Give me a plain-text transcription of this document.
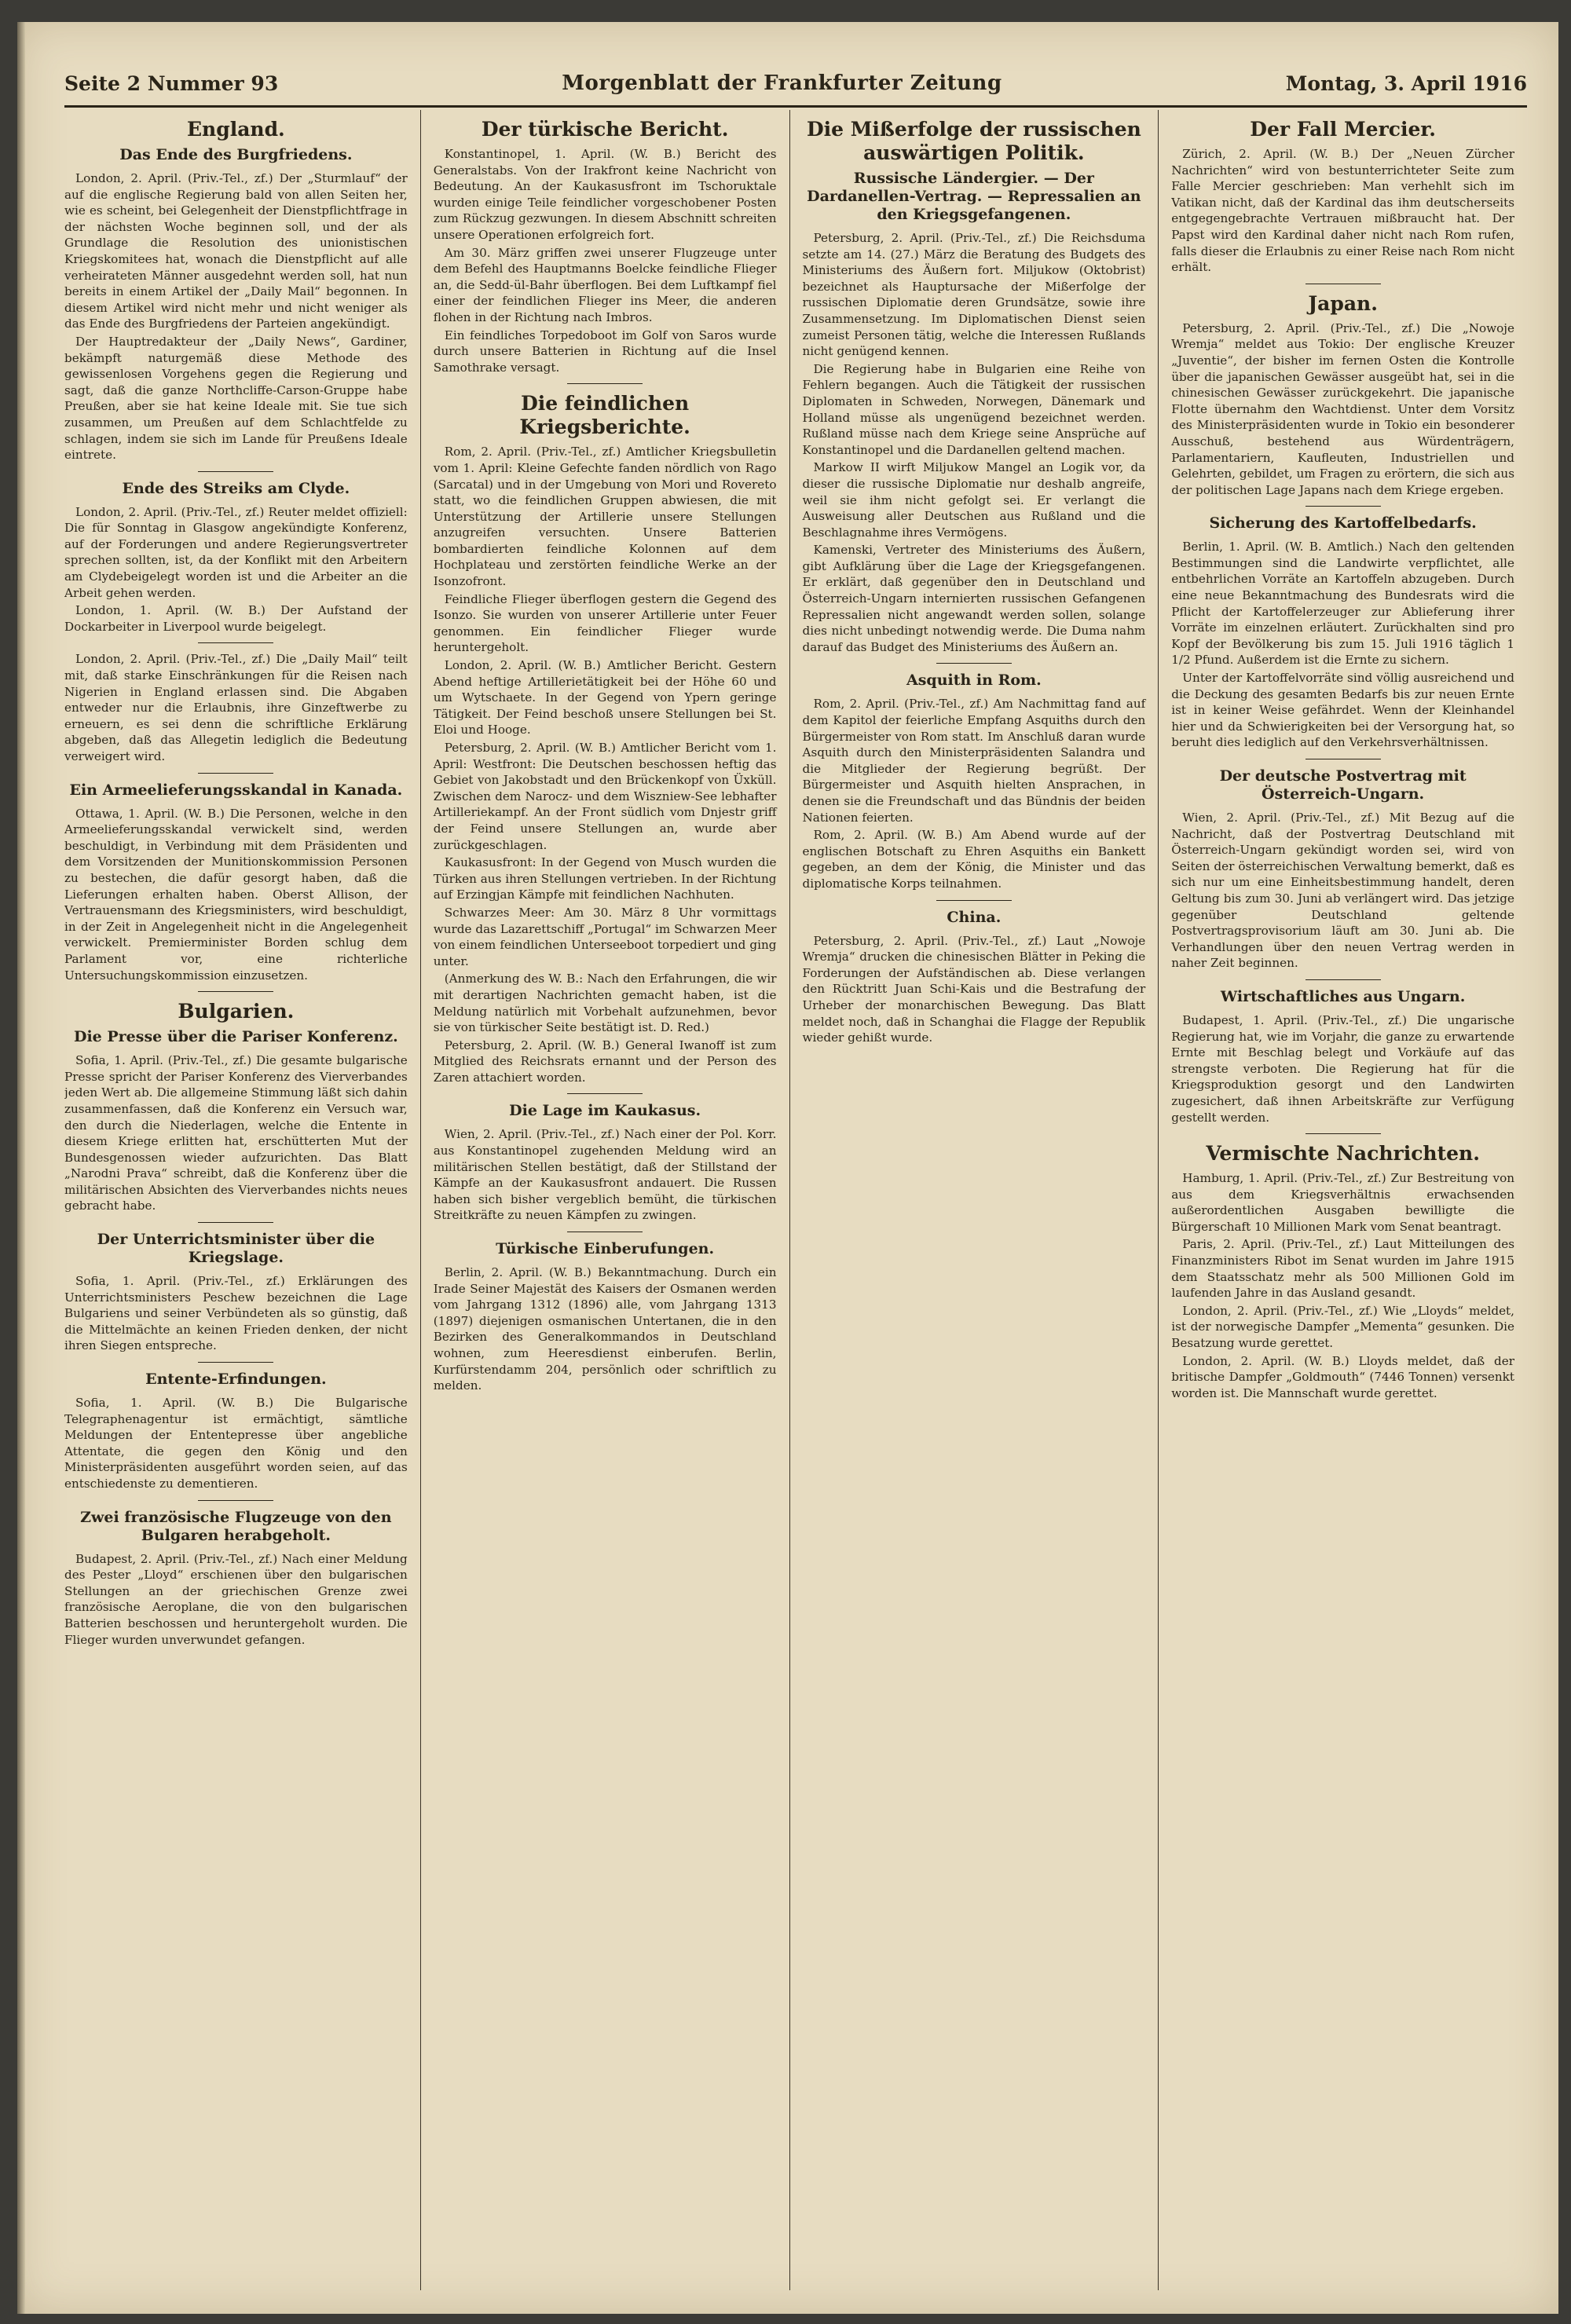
Seite 2 Nummer 93	Morgenblatt der Frankfurter Zeitung	Montag, 3. April 1916
England.
Das Ende des Burgfriedens.

London, 2. April. (Priv.-Tel., zf.) Der „Sturmlauf“ der auf die englische Regierung bald von allen Seiten her, wie es scheint, bei Gelegenheit der Dienstpflichtfrage in der nächsten Woche beginnen soll, und der als Grundlage die Resolution des unionistischen Kriegskomitees hat, wonach die Dienstpflicht auf alle verheirateten Männer ausgedehnt werden soll, hat nun bereits in einem Artikel der „Daily Mail“ begonnen. In diesem Artikel wird nicht mehr und nicht weniger als das Ende des Burgfriedens der Parteien angekündigt.

Der Hauptredakteur der „Daily News“, Gardiner, bekämpft naturgemäß diese Methode des gewissenlosen Vorgehens gegen die Regierung und sagt, daß die ganze Northcliffe-Carson-Gruppe habe Preußen, aber sie hat keine Ideale mit. Sie tue sich zusammen, um Preußen auf dem Schlachtfelde zu schlagen, indem sie sich im Lande für Preußens Ideale eintrete.

Ende des Streiks am Clyde.

London, 2. April. (Priv.-Tel., zf.) Reuter meldet offiziell: Die für Sonntag in Glasgow angekündigte Konferenz, auf der Forderungen und andere Regierungsvertreter sprechen sollten, ist, da der Konflikt mit den Arbeitern am Clydebeigelegt worden ist und die Arbeiter an die Arbeit gehen werden.

London, 1. April. (W. B.) Der Aufstand der Dockarbeiter in Liverpool wurde beigelegt.

London, 2. April. (Priv.-Tel., zf.) Die „Daily Mail“ teilt mit, daß starke Einschränkungen für die Reisen nach Nigerien in England erlassen sind. Die Abgaben entweder nur die Erlaubnis, ihre Ginzeftwerbe zu erneuern, es sei denn die schriftliche Erklärung abgeben, daß das Allegetin lediglich die Bedeutung verweigert wird.

Ein Armeelieferungsskandal in Kanada.

Ottawa, 1. April. (W. B.) Die Personen, welche in den Armeelieferungsskandal verwickelt sind, werden beschuldigt, in Verbindung mit dem Präsidenten und dem Vorsitzenden der Munitionskommission Personen zu bestechen, die dafür gesorgt haben, daß die Lieferungen erhalten haben. Oberst Allison, der Vertrauensmann des Kriegsministers, wird beschuldigt, in der Zeit in Angelegenheit nicht in die Angelegenheit verwickelt. Premierminister Borden schlug dem Parlament vor, eine richterliche Untersuchungskommission einzusetzen.

Bulgarien.
Die Presse über die Pariser Konferenz.

Sofia, 1. April. (Priv.-Tel., zf.) Die gesamte bulgarische Presse spricht der Pariser Konferenz des Vierverbandes jeden Wert ab. Die allgemeine Stimmung läßt sich dahin zusammenfassen, daß die Konferenz ein Versuch war, den durch die Niederlagen, welche die Entente in diesem Kriege erlitten hat, erschütterten Mut der Bundesgenossen wieder aufzurichten. Das Blatt „Narodni Prava“ schreibt, daß die Konferenz über die militärischen Absichten des Vierverbandes nichts neues gebracht habe.

Der Unterrichtsminister über die Kriegslage.

Sofia, 1. April. (Priv.-Tel., zf.) Erklärungen des Unterrichtsministers Peschew bezeichnen die Lage Bulgariens und seiner Verbündeten als so günstig, daß die Mittelmächte an keinen Frieden denken, der nicht ihren Siegen entspreche.

Entente-Erfindungen.

Sofia, 1. April. (W. B.) Die Bulgarische Telegraphenagentur ist ermächtigt, sämtliche Meldungen der Ententepresse über angebliche Attentate, die gegen den König und den Ministerpräsidenten ausgeführt worden seien, auf das entschiedenste zu dementieren.

Zwei französische Flugzeuge von den Bulgaren herabgeholt.

Budapest, 2. April. (Priv.-Tel., zf.) Nach einer Meldung des Pester „Lloyd“ erschienen über den bulgarischen Stellungen an der griechischen Grenze zwei französische Aeroplane, die von den bulgarischen Batterien beschossen und heruntergeholt wurden. Die Flieger wurden unverwundet gefangen.

Der türkische Bericht.

Konstantinopel, 1. April. (W. B.) Bericht des Generalstabs. Von der Irakfront keine Nachricht von Bedeutung. An der Kaukasusfront im Tschoruktale wurden einige Teile feindlicher vorgeschobener Posten zum Rückzug gezwungen. In diesem Abschnitt schreiten unsere Operationen erfolgreich fort.

Am 30. März griffen zwei unserer Flugzeuge unter dem Befehl des Hauptmanns Boelcke feindliche Flieger an, die Sedd-ül-Bahr überflogen. Bei dem Luftkampf fiel einer der feindlichen Flieger ins Meer, die anderen flohen in der Richtung nach Imbros.

Ein feindliches Torpedoboot im Golf von Saros wurde durch unsere Batterien in Richtung auf die Insel Samothrake versagt.

Die feindlichen Kriegsberichte.

Rom, 2. April. (Priv.-Tel., zf.) Amtlicher Kriegsbulletin vom 1. April: Kleine Gefechte fanden nördlich von Rago (Sarcatal) und in der Umgebung von Mori und Rovereto statt, wo die feindlichen Gruppen abwiesen, die mit Unterstützung der Artillerie unsere Stellungen anzugreifen versuchten. Unsere Batterien bombardierten feindliche Kolonnen auf dem Hochplateau und zerstörten feindliche Werke an der Isonzofront.

Feindliche Flieger überflogen gestern die Gegend des Isonzo. Sie wurden von unserer Artillerie unter Feuer genommen. Ein feindlicher Flieger wurde heruntergeholt.

London, 2. April. (W. B.) Amtlicher Bericht. Gestern Abend heftige Artillerietätigkeit bei der Höhe 60 und um Wytschaete. In der Gegend von Ypern geringe Tätigkeit. Der Feind beschoß unsere Stellungen bei St. Eloi und Hooge.

Petersburg, 2. April. (W. B.) Amtlicher Bericht vom 1. April: Westfront: Die Deutschen beschossen heftig das Gebiet von Jakobstadt und den Brückenkopf von Üxküll. Zwischen dem Narocz- und dem Wiszniew-See lebhafter Artilleriekampf. An der Front südlich vom Dnjestr griff der Feind unsere Stellungen an, wurde aber zurückgeschlagen.

Kaukasusfront: In der Gegend von Musch wurden die Türken aus ihren Stellungen vertrieben. In der Richtung auf Erzingjan Kämpfe mit feindlichen Nachhuten.

Schwarzes Meer: Am 30. März 8 Uhr vormittags wurde das Lazarettschiff „Portugal“ im Schwarzen Meer von einem feindlichen Unterseeboot torpediert und ging unter.

(Anmerkung des W. B.: Nach den Erfahrungen, die wir mit derartigen Nachrichten gemacht haben, ist die Meldung natürlich mit Vorbehalt aufzunehmen, bevor sie von türkischer Seite bestätigt ist. D. Red.)

Petersburg, 2. April. (W. B.) General Iwanoff ist zum Mitglied des Reichsrats ernannt und der Person des Zaren attachiert worden.

Die Lage im Kaukasus.

Wien, 2. April. (Priv.-Tel., zf.) Nach einer der Pol. Korr. aus Konstantinopel zugehenden Meldung wird an militärischen Stellen bestätigt, daß der Stillstand der Kämpfe an der Kaukasusfront andauert. Die Russen haben sich bisher vergeblich bemüht, die türkischen Streitkräfte zu neuen Kämpfen zu zwingen.

Türkische Einberufungen.

Berlin, 2. April. (W. B.) Bekanntmachung. Durch ein Irade Seiner Majestät des Kaisers der Osmanen werden vom Jahrgang 1312 (1896) alle, vom Jahrgang 1313 (1897) diejenigen osmanischen Untertanen, die in den Bezirken des Generalkommandos in Deutschland wohnen, zum Heeresdienst einberufen. Berlin, Kurfürstendamm 204, persönlich oder schriftlich zu melden.

Die Mißerfolge der russischen auswärtigen Politik.
Russische Ländergier. — Der Dardanellen-Vertrag. — Repressalien an den Kriegsgefangenen.

Petersburg, 2. April. (Priv.-Tel., zf.) Die Reichsduma setzte am 14. (27.) März die Beratung des Budgets des Ministeriums des Äußern fort. Miljukow (Oktobrist) bezeichnet als Hauptursache der Mißerfolge der russischen Diplomatie deren Grundsätze, sowie ihre Zusammensetzung. Im Diplomatischen Dienst seien zumeist Personen tätig, welche die Interessen Rußlands nicht genügend kennen.

Die Regierung habe in Bulgarien eine Reihe von Fehlern begangen. Auch die Tätigkeit der russischen Diplomaten in Schweden, Norwegen, Dänemark und Holland müsse als ungenügend bezeichnet werden. Rußland müsse nach dem Kriege seine Ansprüche auf Konstantinopel und die Dardanellen geltend machen.

Markow II wirft Miljukow Mangel an Logik vor, da dieser die russische Diplomatie nur deshalb angreife, weil sie ihm nicht gefolgt sei. Er verlangt die Ausweisung aller Deutschen aus Rußland und die Beschlagnahme ihres Vermögens.

Kamenski, Vertreter des Ministeriums des Äußern, gibt Aufklärung über die Lage der Kriegsgefangenen. Er erklärt, daß gegenüber den in Deutschland und Österreich-Ungarn internierten russischen Gefangenen Repressalien nicht angewandt werden sollen, solange dies nicht unbedingt notwendig werde. Die Duma nahm darauf das Budget des Ministeriums des Äußern an.

Asquith in Rom.

Rom, 2. April. (Priv.-Tel., zf.) Am Nachmittag fand auf dem Kapitol der feierliche Empfang Asquiths durch den Bürgermeister von Rom statt. Im Anschluß daran wurde Asquith durch den Ministerpräsidenten Salandra und die Mitglieder der Regierung begrüßt. Der Bürgermeister und Asquith hielten Ansprachen, in denen sie die Freundschaft und das Bündnis der beiden Nationen feierten.

Rom, 2. April. (W. B.) Am Abend wurde auf der englischen Botschaft zu Ehren Asquiths ein Bankett gegeben, an dem der König, die Minister und das diplomatische Korps teilnahmen.

China.

Petersburg, 2. April. (Priv.-Tel., zf.) Laut „Nowoje Wremja“ drucken die chinesischen Blätter in Peking die Forderungen der Aufständischen ab. Diese verlangen den Rücktritt Juan Schi-Kais und die Bestrafung der Urheber der monarchischen Bewegung. Das Blatt meldet noch, daß in Schanghai die Flagge der Republik wieder gehißt wurde.

Der Fall Mercier.

Zürich, 2. April. (W. B.) Der „Neuen Zürcher Nachrichten“ wird von bestunterrichteter Seite zum Falle Mercier geschrieben: Man verhehlt sich im Vatikan nicht, daß der Kardinal das ihm deutscherseits entgegengebrachte Vertrauen mißbraucht hat. Der Papst wird den Kardinal daher nicht nach Rom rufen, falls dieser die Erlaubnis zu einer Reise nach Rom nicht erhält.

Japan.

Petersburg, 2. April. (Priv.-Tel., zf.) Die „Nowoje Wremja“ meldet aus Tokio: Der englische Kreuzer „Juventie“, der bisher im fernen Osten die Kontrolle über die japanischen Gewässer ausgeübt hat, sei in die chinesischen Gewässer zurückgekehrt. Die japanische Flotte übernahm den Wachtdienst. Unter dem Vorsitz des Ministerpräsidenten wurde in Tokio ein besonderer Ausschuß, bestehend aus Würdenträgern, Parlamentariern, Kaufleuten, Industriellen und Gelehrten, gebildet, um Fragen zu erörtern, die sich aus der politischen Lage Japans nach dem Kriege ergeben.

Sicherung des Kartoffelbedarfs.

Berlin, 1. April. (W. B. Amtlich.) Nach den geltenden Bestimmungen sind die Landwirte verpflichtet, alle entbehrlichen Vorräte an Kartoffeln abzugeben. Durch eine neue Bekanntmachung des Bundesrats wird die Pflicht der Kartoffelerzeuger zur Ablieferung ihrer Vorräte im einzelnen erläutert. Zurückhalten sind pro Kopf der Bevölkerung bis zum 15. Juli 1916 täglich 1 1/2 Pfund. Außerdem ist die Ernte zu sichern.

Unter der Kartoffelvorräte sind völlig ausreichend und die Deckung des gesamten Bedarfs bis zur neuen Ernte ist in keiner Weise gefährdet. Wenn der Kleinhandel hier und da Schwierigkeiten bei der Versorgung hat, so beruht dies lediglich auf den Verkehrsverhältnissen.

Der deutsche Postvertrag mit Österreich-Ungarn.

Wien, 2. April. (Priv.-Tel., zf.) Mit Bezug auf die Nachricht, daß der Postvertrag Deutschland mit Österreich-Ungarn gekündigt worden sei, wird von Seiten der österreichischen Verwaltung bemerkt, daß es sich nur um eine Einheitsbestimmung handelt, deren Geltung bis zum 30. Juni ab verlängert wird. Das jetzige gegenüber Deutschland geltende Postvertragsprovisorium läuft am 30. Juni ab. Die Verhandlungen über den neuen Vertrag werden in naher Zeit beginnen.

Wirtschaftliches aus Ungarn.

Budapest, 1. April. (Priv.-Tel., zf.) Die ungarische Regierung hat, wie im Vorjahr, die ganze zu erwartende Ernte mit Beschlag belegt und Vorkäufe auf das strengste verboten. Die Regierung hat für die Kriegsproduktion gesorgt und den Landwirten zugesichert, daß ihnen Arbeitskräfte zur Verfügung gestellt werden.

Vermischte Nachrichten.

Hamburg, 1. April. (Priv.-Tel., zf.) Zur Bestreitung von aus dem Kriegsverhältnis erwachsenden außerordentlichen Ausgaben bewilligte die Bürgerschaft 10 Millionen Mark vom Senat beantragt.

Paris, 2. April. (Priv.-Tel., zf.) Laut Mitteilungen des Finanzministers Ribot im Senat wurden im Jahre 1915 dem Staatsschatz mehr als 500 Millionen Gold im laufenden Jahre in das Ausland gesandt.

London, 2. April. (Priv.-Tel., zf.) Wie „Lloyds“ meldet, ist der norwegische Dampfer „Mementa“ gesunken. Die Besatzung wurde gerettet.

London, 2. April. (W. B.) Lloyds meldet, daß der britische Dampfer „Goldmouth“ (7446 Tonnen) versenkt worden ist. Die Mannschaft wurde gerettet.
